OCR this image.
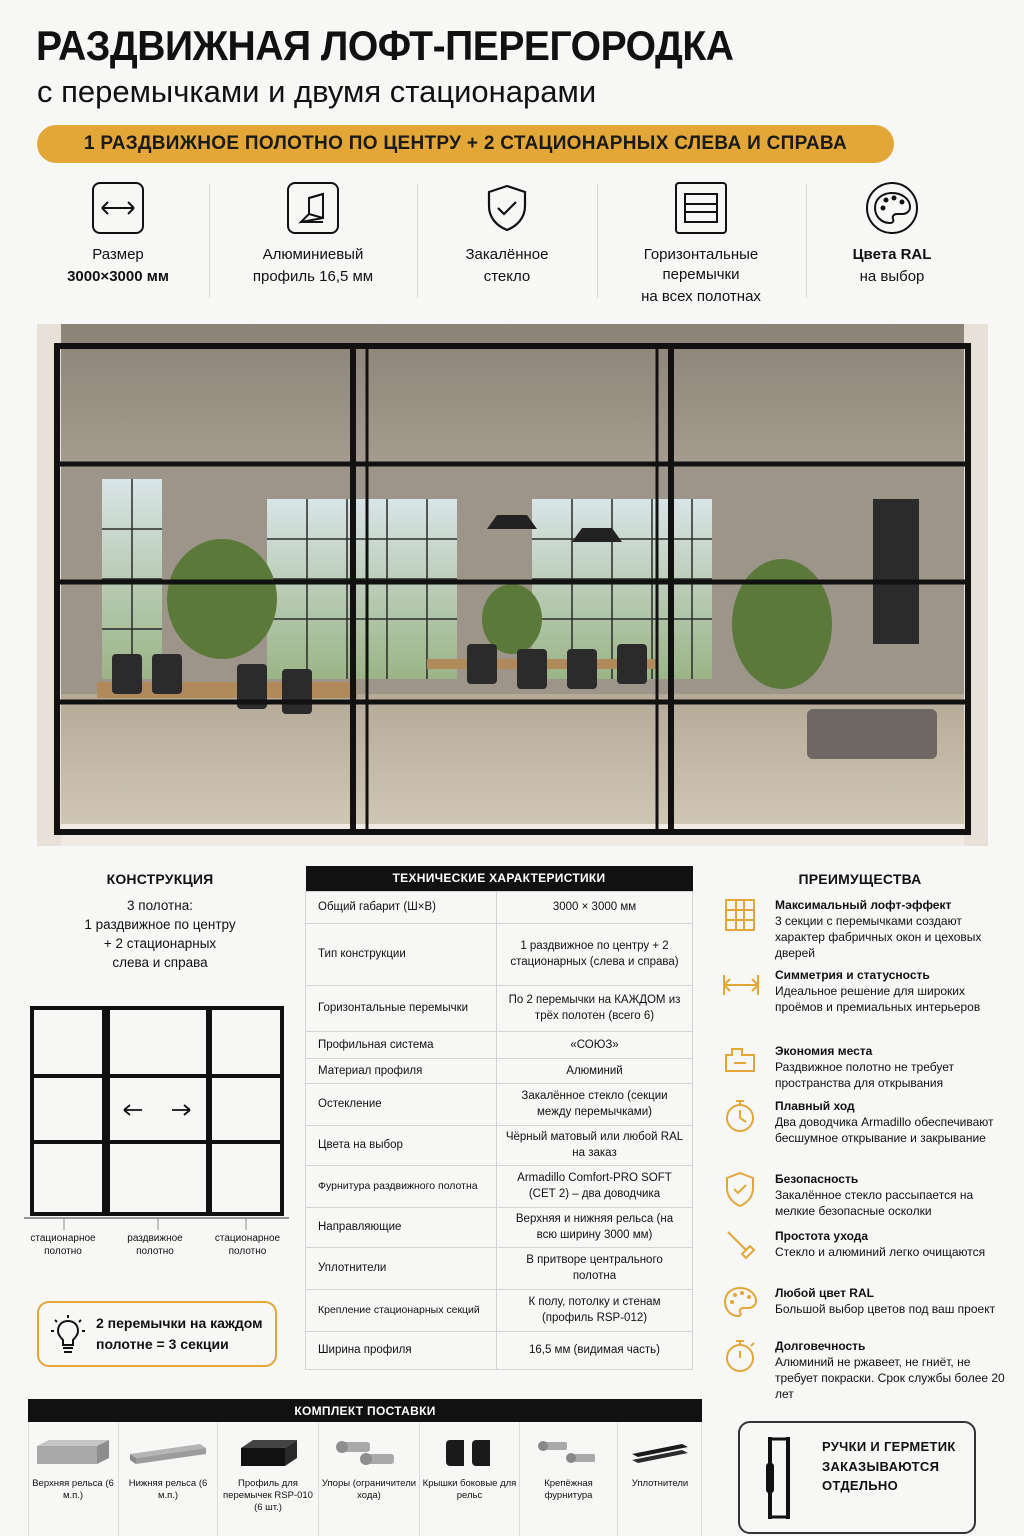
РАЗДВИЖНАЯ ЛОФТ-ПЕРЕГОРОДКА
с перемычками и двумя стационарами
1 РАЗДВИЖНОЕ ПОЛОТНО ПО ЦЕНТРУ + 2 СТАЦИОНАРНЫХ СЛЕВА И СПРАВА
Размер
3000×3000 мм
Алюминиевый
профиль 16,5 мм
Закалённое
стекло
Горизонтальные
перемычки
на всех полотнах
Цвета RAL
на выбор
КОНСТРУКЦИЯ
3 полотна:
1 раздвижное по центру
+ 2 стационарных
слева и справа
стационарное полотно
раздвижное полотно
стационарное полотно
2 перемычки на каждом полотне = 3 секции
ТЕХНИЧЕСКИЕ ХАРАКТЕРИСТИКИ	
Общий габарит (Ш×В)	3000 × 3000 мм
Тип конструкции	1 раздвижное по центру + 2 стационарных (слева и справа)
Горизонтальные перемычки	По 2 перемычки на КАЖДОМ из трёх полотен (всего 6)
Профильная система	«СОЮЗ»
Материал профиля	Алюминий
Остекление	Закалённое стекло (секции между перемычками)
Цвета на выбор	Чёрный матовый или любой RAL на заказ
Фурнитура раздвижного полотна	Armadillo Comfort-PRO SOFT (СЕТ 2) – два доводчика
Направляющие	Верхняя и нижняя рельса (на всю ширину 3000 мм)
Уплотнители	В притворе центрального полотна
Крепление стационарных секций	К полу, потолку и стенам (профиль RSP-012)
Ширина профиля	16,5 мм (видимая часть)
ПРЕИМУЩЕСТВА
Максимальный лофт-эффект
3 секции с перемычками создают характер фабричных окон и цеховых дверей
Симметрия и статусность
Идеальное решение для широких проёмов и премиальных интерьеров
Экономия места
Раздвижное полотно не требует пространства для открывания
Плавный ход
Два доводчика Armadillo обеспечивают бесшумное открывание и закрывание
Безопасность
Закалённое стекло рассыпается на мелкие безопасные осколки
Простота ухода
Стекло и алюминий легко очищаются
Любой цвет RAL
Большой выбор цветов под ваш проект
Долговечность
Алюминий не ржавеет, не гниёт, не требует покраски. Срок службы более 20 лет
КОМПЛЕКТ ПОСТАВКИ
Верхняя рельса (6 м.п.)
Нижняя рельса (6 м.п.)
Профиль для перемычек RSP-010 (6 шт.)
Упоры (ограничители хода)
Крышки боковые для рельс
Крепёжная фурнитура
Уплотнители
РУЧКИ И ГЕРМЕТИК ЗАКАЗЫВАЮТСЯ ОТДЕЛЬНО
